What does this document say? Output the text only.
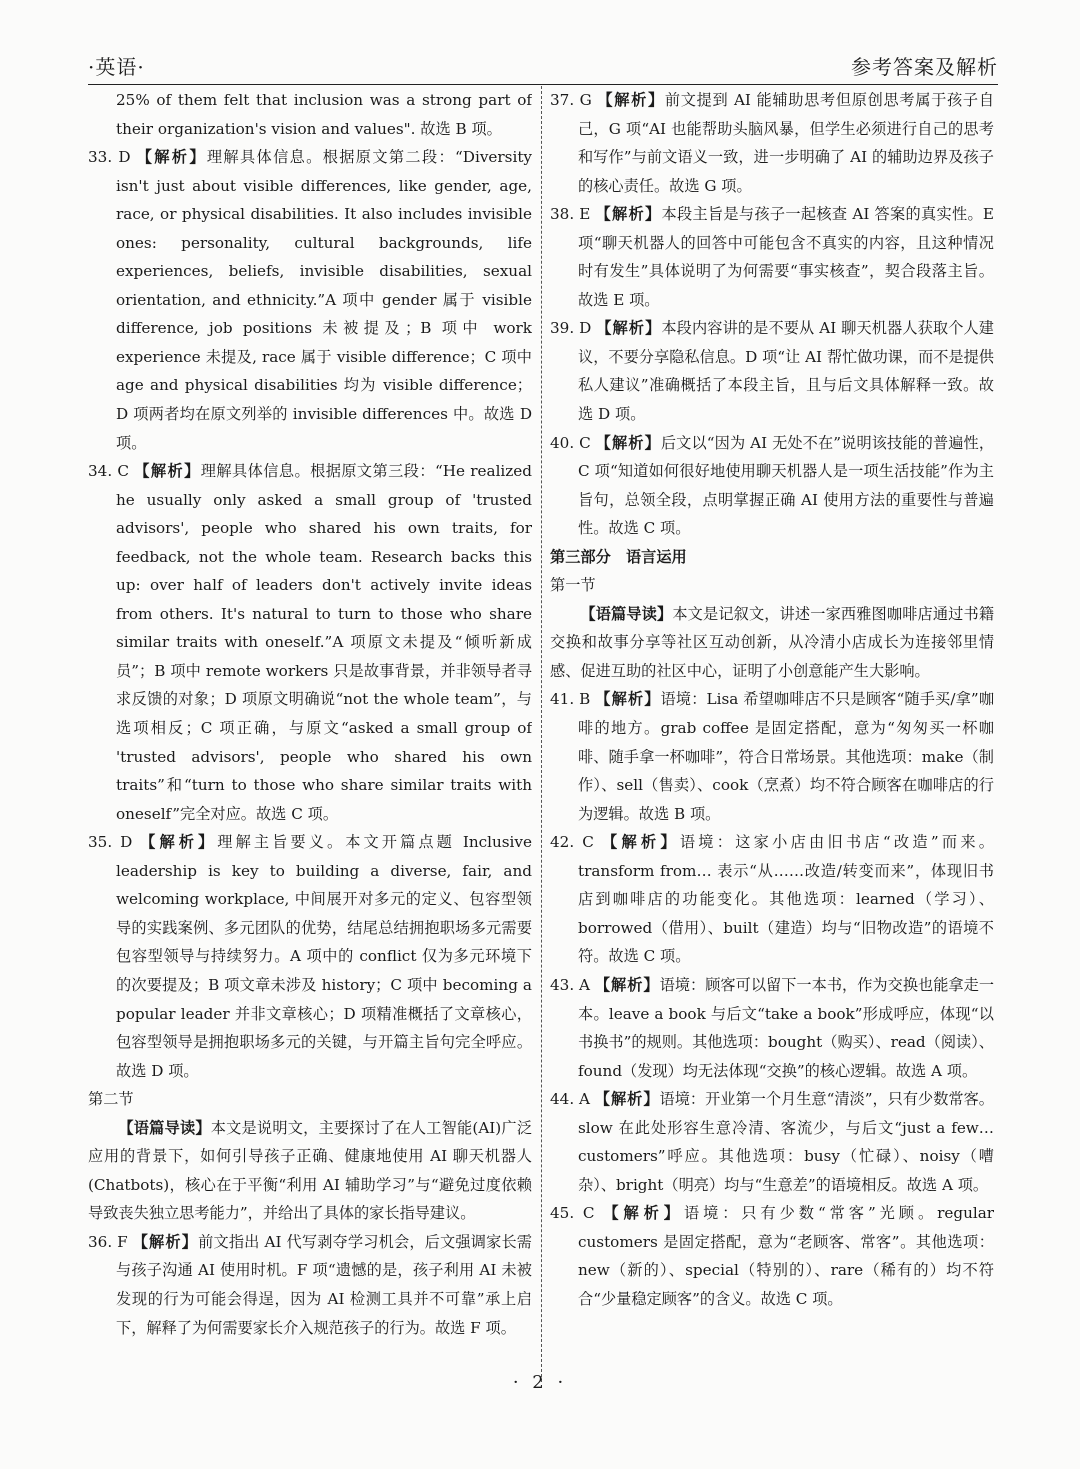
·英语·	参考答案及解析

25% of them felt that inclusion was a strong part of their organization's vision and values". 故选 B 项。

33. D 【解析】理解具体信息。根据原文第二段：“Diversity isn't just about visible differences, like gender, age, race, or physical disabilities. It also includes invisible ones: personality, cultural backgrounds, life experiences, beliefs, invisible disabilities, sexual orientation, and ethnicity.”A 项中 gender 属于 visible difference, job positions 未被提及；B 项中 work experience 未提及, race 属于 visible difference；C 项中 age and physical disabilities 均为 visible difference；D 项两者均在原文列举的 invisible differences 中。故选 D 项。

34. C 【解析】理解具体信息。根据原文第三段：“He realized he usually only asked a small group of 'trusted advisors', people who shared his own traits, for feedback, not the whole team. Research backs this up: over half of leaders don't actively invite ideas from others. It's natural to turn to those who share similar traits with oneself.”A 项原文未提及“倾听新成员”；B 项中 remote workers 只是故事背景，并非领导者寻求反馈的对象；D 项原文明确说“not the whole team”，与选项相反；C 项正确，与原文“asked a small group of 'trusted advisors', people who shared his own traits”和“turn to those who share similar traits with oneself”完全对应。故选 C 项。

35. D 【解析】理解主旨要义。本文开篇点题 Inclusive leadership is key to building a diverse, fair, and welcoming workplace, 中间展开对多元的定义、包容型领导的实践案例、多元团队的优势，结尾总结拥抱职场多元需要包容型领导与持续努力。A 项中的 conflict 仅为多元环境下的次要提及；B 项文章未涉及 history；C 项中 becoming a popular leader 并非文章核心；D 项精准概括了文章核心，包容型领导是拥抱职场多元的关键，与开篇主旨句完全呼应。故选 D 项。

第二节

【语篇导读】本文是说明文，主要探讨了在人工智能(AI)广泛应用的背景下，如何引导孩子正确、健康地使用 AI 聊天机器人(Chatbots)，核心在于平衡“利用 AI 辅助学习”与“避免过度依赖导致丧失独立思考能力”，并给出了具体的家长指导建议。

36. F 【解析】前文指出 AI 代写剥夺学习机会，后文强调家长需与孩子沟通 AI 使用时机。F 项“遗憾的是，孩子利用 AI 未被发现的行为可能会得逞，因为 AI 检测工具并不可靠”承上启下，解释了为何需要家长介入规范孩子的行为。故选 F 项。

37. G 【解析】前文提到 AI 能辅助思考但原创思考属于孩子自己，G 项“AI 也能帮助头脑风暴，但学生必须进行自己的思考和写作”与前文语义一致，进一步明确了 AI 的辅助边界及孩子的核心责任。故选 G 项。

38. E 【解析】本段主旨是与孩子一起核查 AI 答案的真实性。E 项“聊天机器人的回答中可能包含不真实的内容，且这种情况时有发生”具体说明了为何需要“事实核查”，契合段落主旨。故选 E 项。

39. D 【解析】本段内容讲的是不要从 AI 聊天机器人获取个人建议，不要分享隐私信息。D 项“让 AI 帮忙做功课，而不是提供私人建议”准确概括了本段主旨，且与后文具体解释一致。故选 D 项。

40. C 【解析】后文以“因为 AI 无处不在”说明该技能的普遍性，C 项“知道如何很好地使用聊天机器人是一项生活技能”作为主旨句，总领全段，点明掌握正确 AI 使用方法的重要性与普遍性。故选 C 项。

第三部分　语言运用

第一节

【语篇导读】本文是记叙文，讲述一家西雅图咖啡店通过书籍交换和故事分享等社区互动创新，从冷清小店成长为连接邻里情感、促进互助的社区中心，证明了小创意能产生大影响。

41. B 【解析】语境：Lisa 希望咖啡店不只是顾客“随手买/拿”咖啡的地方。grab coffee 是固定搭配，意为“匆匆买一杯咖啡、随手拿一杯咖啡”，符合日常场景。其他选项：make（制作）、sell（售卖）、cook（烹煮）均不符合顾客在咖啡店的行为逻辑。故选 B 项。

42. C 【解析】语境：这家小店由旧书店“改造”而来。transform from… 表示“从……改造/转变而来”，体现旧书店到咖啡店的功能变化。其他选项：learned（学习）、borrowed（借用）、built（建造）均与“旧物改造”的语境不符。故选 C 项。

43. A 【解析】语境：顾客可以留下一本书，作为交换也能拿走一本。leave a book 与后文“take a book”形成呼应，体现“以书换书”的规则。其他选项：bought（购买）、read（阅读）、found（发现）均无法体现“交换”的核心逻辑。故选 A 项。

44. A 【解析】语境：开业第一个月生意“清淡”，只有少数常客。slow 在此处形容生意冷清、客流少，与后文“just a few…customers”呼应。其他选项：busy（忙碌）、noisy（嘈杂）、bright（明亮）均与“生意差”的语境相反。故选 A 项。

45. C 【解析】语境：只有少数“常客”光顾。regular customers 是固定搭配，意为“老顾客、常客”。其他选项：new（新的）、special（特别的）、rare（稀有的）均不符合“少量稳定顾客”的含义。故选 C 项。

· 2 ·
